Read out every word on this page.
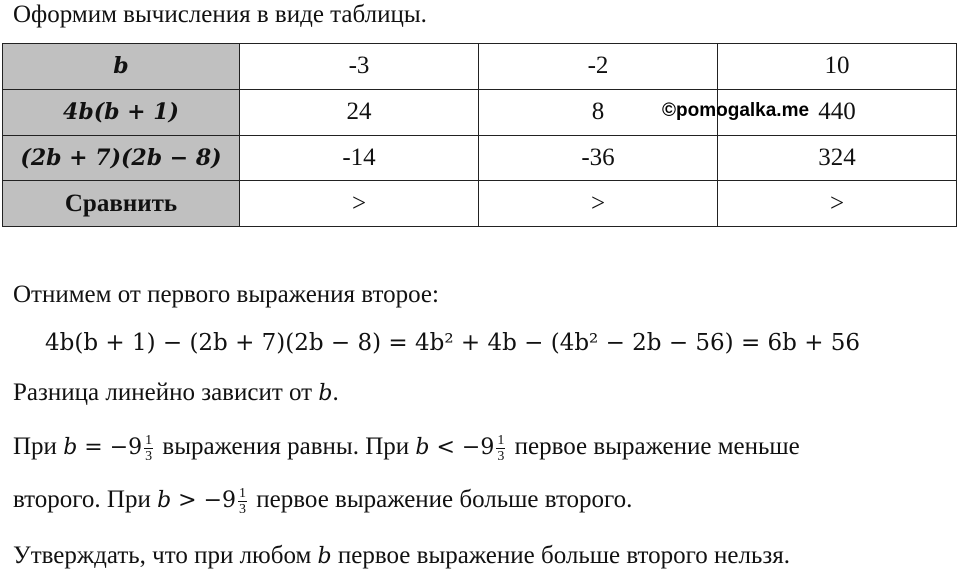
Оформим вычисления в виде таблицы.
b	-3	-2	10
4b(b + 1)	24	8	440
(2b + 7)(2b − 8)	-14	-36	324
Сравнить	>	>	>
©pomogalka.me
Отнимем от первого выражения второе:
4b(b + 1) − (2b + 7)(2b − 8) = 4b² + 4b − (4b² − 2b − 56) = 6b + 56
Разница линейно зависит от b.
При $b = -9 \frac{1}{3}$ выражения равны. При $b < -9 \frac{1}{3}$ первое выражение меньше
второго. При $b > -9 \frac{1}{3}$ первое выражение больше второго.
Утверждать, что при любом b первое выражение больше второго нельзя.
